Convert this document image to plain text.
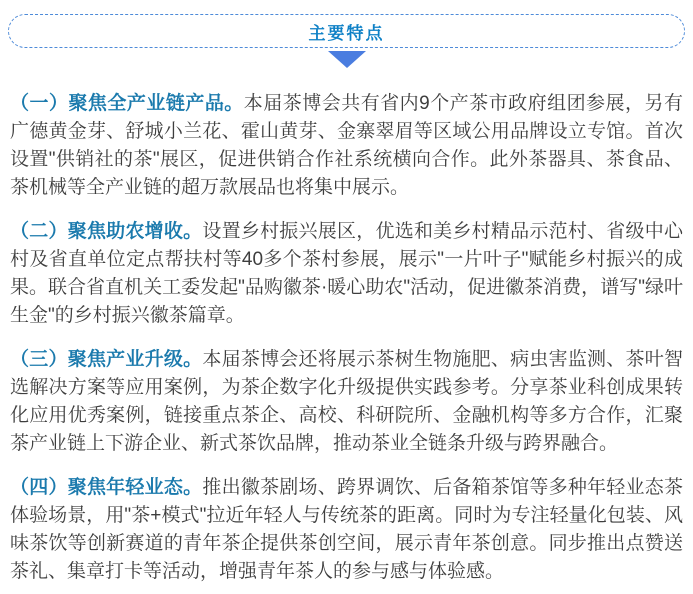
主要特点

（一）聚焦全产业链产品。本届茶博会共有省内9个产茶市政府组团参展，另有广德黄金芽、舒城小兰花、霍山黄芽、金寨翠眉等区域公用品牌设立专馆。首次设置"供销社的茶"展区，促进供销合作社系统横向合作。此外茶器具、茶食品、茶机械等全产业链的超万款展品也将集中展示。

（二）聚焦助农增收。设置乡村振兴展区，优选和美乡村精品示范村、省级中心村及省直单位定点帮扶村等40多个茶村参展，展示"一片叶子"赋能乡村振兴的成果。联合省直机关工委发起"品购徽茶·暖心助农"活动，促进徽茶消费，谱写"绿叶生金"的乡村振兴徽茶篇章。

（三）聚焦产业升级。本届茶博会还将展示茶树生物施肥、病虫害监测、茶叶智选解决方案等应用案例，为茶企数字化升级提供实践参考。分享茶业科创成果转化应用优秀案例，链接重点茶企、高校、科研院所、金融机构等多方合作，汇聚茶产业链上下游企业、新式茶饮品牌，推动茶业全链条升级与跨界融合。

（四）聚焦年轻业态。推出徽茶剧场、跨界调饮、后备箱茶馆等多种年轻业态茶体验场景，用"茶+模式"拉近年轻人与传统茶的距离。同时为专注轻量化包装、风味茶饮等创新赛道的青年茶企提供茶创空间，展示青年茶创意。同步推出点赞送茶礼、集章打卡等活动，增强青年茶人的参与感与体验感。
